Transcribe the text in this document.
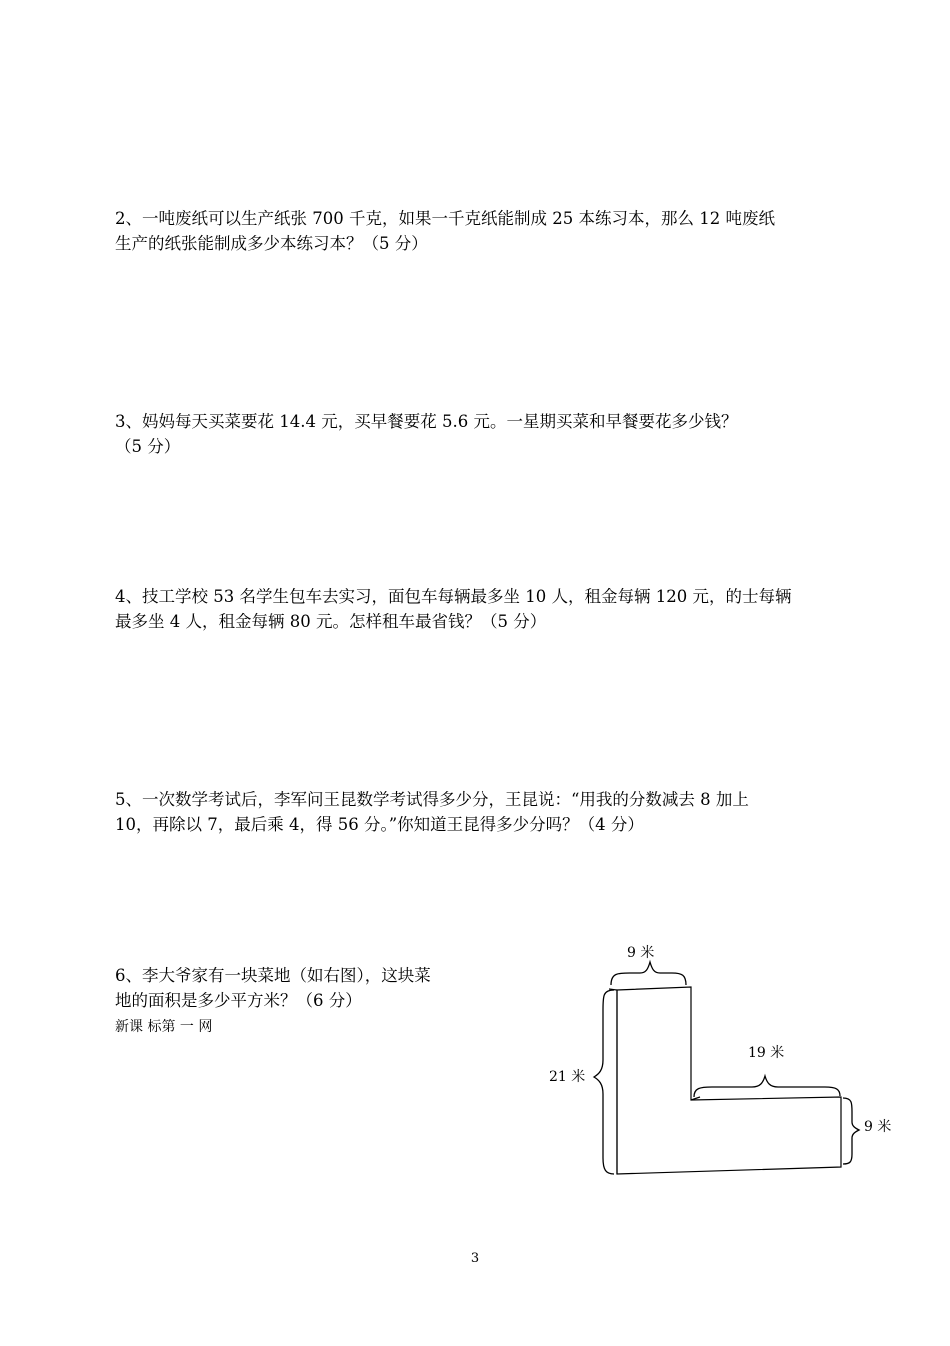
2、一吨废纸可以生产纸张 700 千克，如果一千克纸能制成 25 本练习本，那么 12 吨废纸
生产的纸张能制成多少本练习本？（5 分）
3、妈妈每天买菜要花 14.4 元，买早餐要花 5.6 元。一星期买菜和早餐要花多少钱？
（5 分）
4、技工学校 53 名学生包车去实习，面包车每辆最多坐 10 人，租金每辆 120 元，的士每辆
最多坐 4 人，租金每辆 80 元。怎样租车最省钱？（5 分）
5、一次数学考试后，李军问王昆数学考试得多少分，王昆说：“用我的分数减去 8 加上
10，再除以 7，最后乘 4，得 56 分。”你知道王昆得多少分吗？（4 分）
6、李大爷家有一块菜地（如右图），这块菜
地的面积是多少平方米？（6 分）
新课 标第 一 网
9 米
21 米
19 米
9 米
3
